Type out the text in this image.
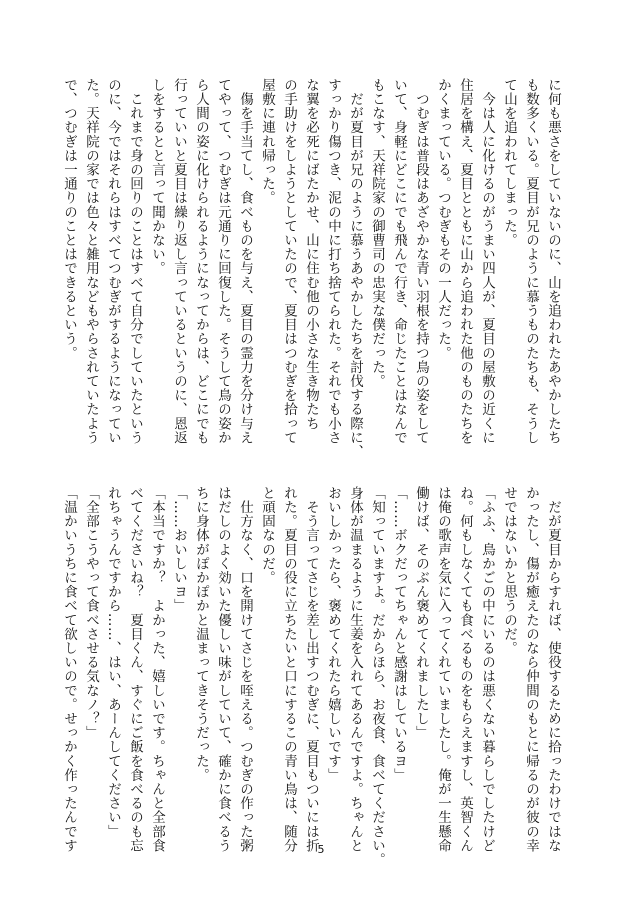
に何も悪さをしていないのに、山を追われたあやかしたち
も数多くいる。夏目が兄のように慕うものたちも、そうし
て山を追われてしまった。
　今は人に化けるのがうまい四人が、夏目の屋敷の近くに
住居を構え、夏目とともに山から追われた他のものたちを
かくまっている。つむぎもその一人だった。
　つむぎは普段はあざやかな青い羽根を持つ鳥の姿をして
いて、身軽にどこにでも飛んで行き、命じたことはなんで
もこなす、天祥院家の御曹司の忠実な僕だった。
　だが夏目が兄のように慕うあやかしたちを討伐する際に、
すっかり傷つき、泥の中に打ち捨てられた。それでも小さ
な翼を必死にばたかせ、山に住む他の小さな生き物たち
の手助けをしようとしていたので、夏目はつむぎを拾って
屋敷に連れ帰った。
　傷を手当てし、食べものを与え、夏目の霊力を分け与え
てやって、つむぎは元通りに回復した。そうして鳥の姿か
ら人間の姿に化けられるようになってからは、どこにでも
行っていいと夏目は繰り返し言っているというのに、恩返
しをするとと言って聞かない。
　これまで身の回りのことはすべて自分でしていたという
のに、今ではそれらはすべてつむぎがするようになってい
た。天祥院の家では色々と雑用などもやらされていたよう
で、つむぎは一通りのことはできるという。
　だが夏目からすれば、使役するために拾ったわけではな
かったし、傷が癒えたのなら仲間のもとに帰るのが彼の幸
せではないかと思うのだ。
「ふふ、鳥かごの中にいるのは悪くない暮らしでしたけど
ね。何もしなくても食べるものをもらえますし、英智くん
は俺の歌声を気に入ってくれていましたし。俺が一生懸命
働けば、そのぶん褒めてくれましたし」
「……ボクだってちゃんと感謝はしているヨ」
「知っていますよ。だからほら、お夜食、食べてください。
身体が温まるように生姜を入れてあるんですよ。ちゃんと
おいしかったら、褒めてくれたら嬉しいです」
　そう言ってさじを差し出すつむぎに、夏目もついには折
れた。夏目の役に立ちたいと口にするこの青い鳥は、随分
と頑固なのだ。
　仕方なく、口を開けてさじを咥える。つむぎの作った粥
はだしのよく効いた優しい味がしていて、確かに食べるう
ちに身体がぽかぽかと温まってきそうだった。
「……おいしいヨ」
「本当ですか？　よかった、嬉しいです。ちゃんと全部食
べてくださいね？　夏目くん、すぐにご飯を食べるのも忘
れちゃうんですから……、はい、あーんしてください」
「全部こうやって食べさせる気なノ？」
「温かいうちに食べて欲しいので。せっかく作ったんです	5
